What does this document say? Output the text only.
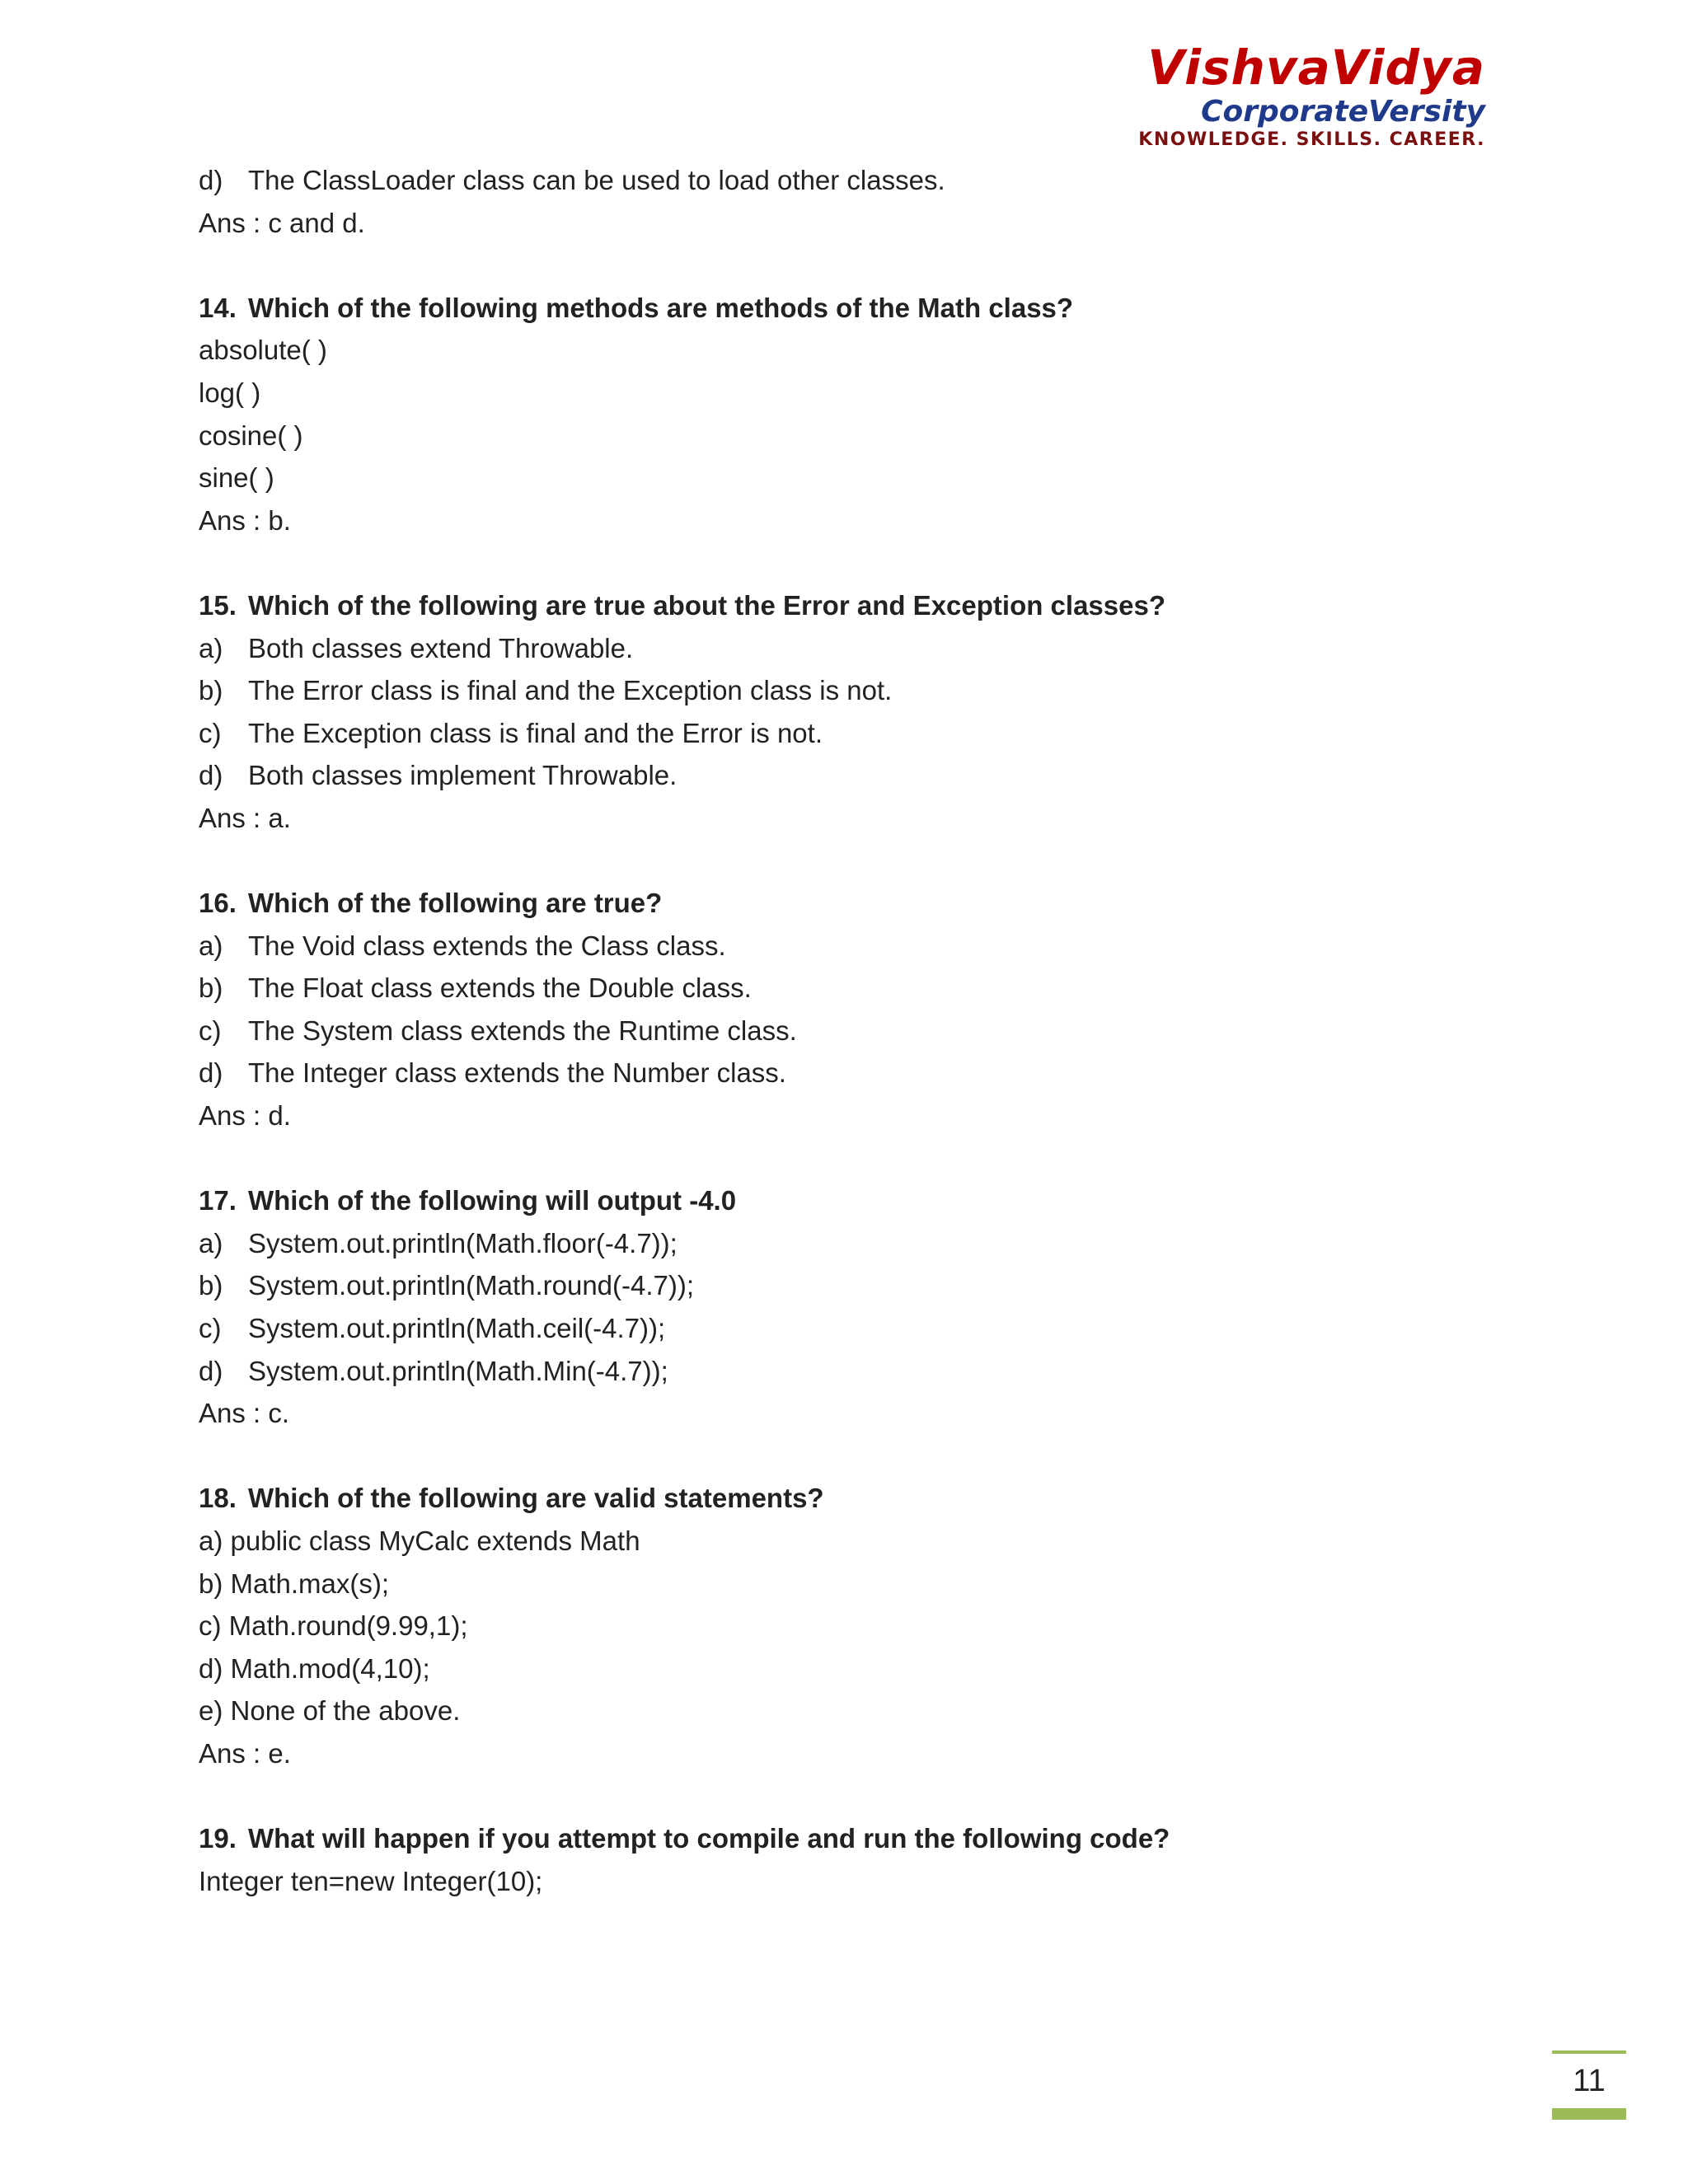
VishvaVidya
CorporateVersity
KNOWLEDGE. SKILLS. CAREER.
d) The ClassLoader class can be used to load other classes.
Ans : c and d.
14. Which of the following methods are methods of the Math class?
absolute( )
log( )
cosine( )
sine( )
Ans : b.
15. Which of the following are true about the Error and Exception classes?
a) Both classes extend Throwable.
b) The Error class is final and the Exception class is not.
c) The Exception class is final and the Error is not.
d) Both classes implement Throwable.
Ans : a.
16. Which of the following are true?
a) The Void class extends the Class class.
b) The Float class extends the Double class.
c) The System class extends the Runtime class.
d) The Integer class extends the Number class.
Ans : d.
17. Which of the following will output -4.0
a) System.out.println(Math.floor(-4.7));
b) System.out.println(Math.round(-4.7));
c) System.out.println(Math.ceil(-4.7));
d) System.out.println(Math.Min(-4.7));
Ans : c.
18. Which of the following are valid statements?
a) public class MyCalc extends Math
b) Math.max(s);
c) Math.round(9.99,1);
d) Math.mod(4,10);
e) None of the above.
Ans : e.
19. What will happen if you attempt to compile and run the following code?
Integer ten=new Integer(10);
11
